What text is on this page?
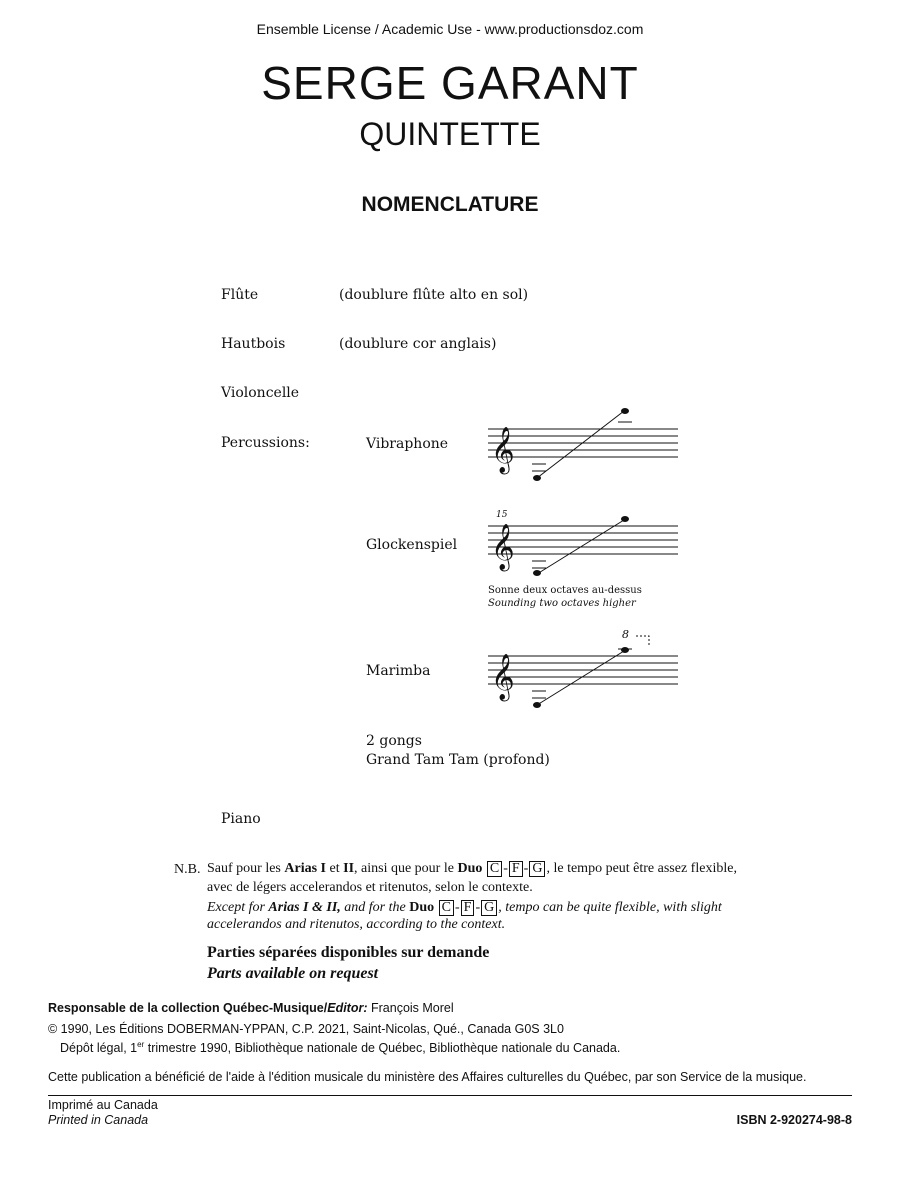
Ensemble License / Academic Use - www.productionsdoz.com
SERGE GARANT
QUINTETTE
NOMENCLATURE
Flûte	(doublure flûte alto en sol)
Hautbois	(doublure cor anglais)
Violoncelle
Percussions:	Vibraphone 𝄞
Glockenspiel 𝄞
15
Sonne deux octaves au-dessus
Sounding two octaves higher
Marimba 𝄞
8
2 gongs
Grand Tam Tam (profond)
Piano
N.B. Sauf pour les Arias I et II, ainsi que pour le Duo C - F - G , le tempo peut être assez flexible,
avec de légers accelerandos et ritenutos, selon le contexte.
Except for Arias I & II, and for the Duo C - F - G , tempo can be quite flexible, with slight
accelerandos and ritenutos, according to the context.
Parties séparées disponibles sur demande
Parts available on request
Responsable de la collection Québec-Musique/Editor: François Morel
© 1990, Les Éditions DOBERMAN-YPPAN, C.P. 2021, Saint-Nicolas, Qué., Canada G0S 3L0
Dépôt légal, 1er trimestre 1990, Bibliothèque nationale de Québec, Bibliothèque nationale du Canada.
Cette publication a bénéficié de l'aide à l'édition musicale du ministère des Affaires culturelles du Québec, par son Service de la musique.
Imprimé au Canada
Printed in Canada	ISBN 2-920274-98-8
